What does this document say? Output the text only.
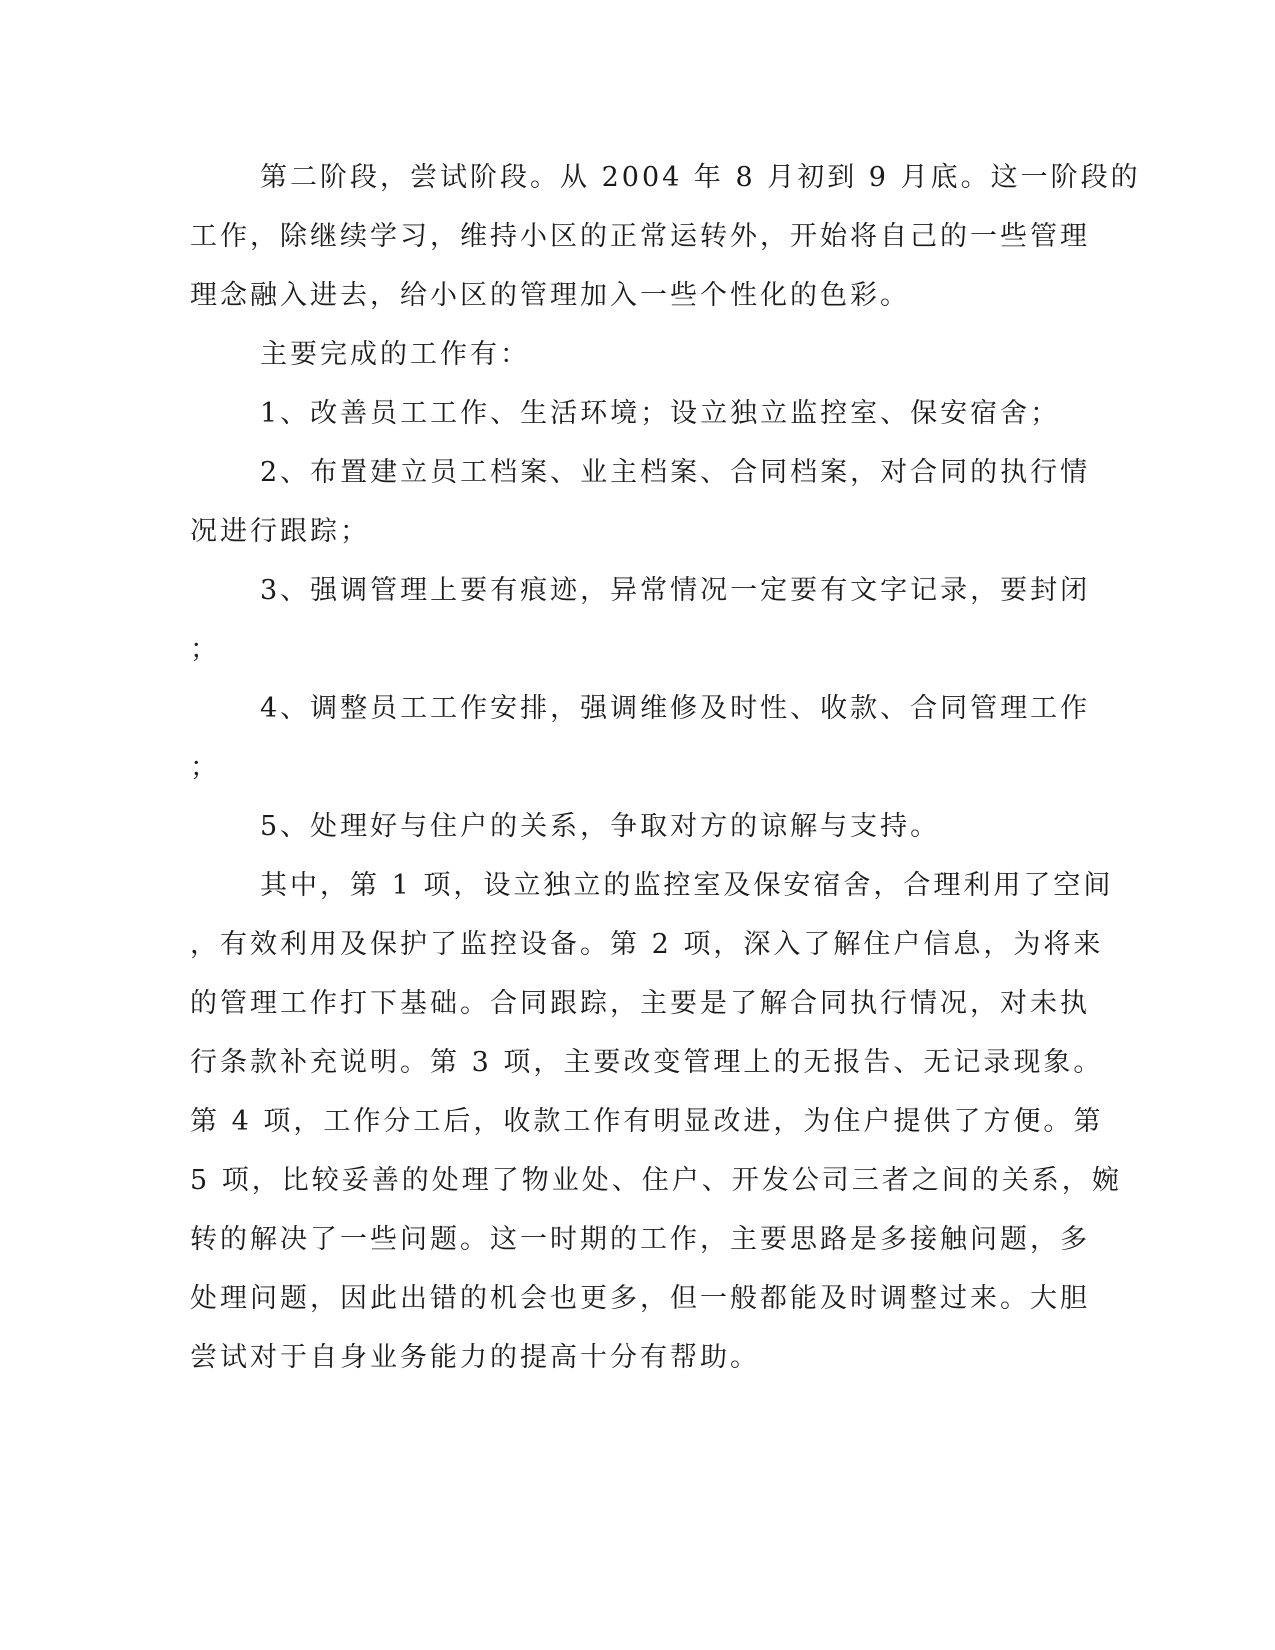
第二阶段，尝试阶段。从 2004 年 8 月初到 9 月底。这一阶段的
工作，除继续学习，维持小区的正常运转外，开始将自己的一些管理
理念融入进去，给小区的管理加入一些个性化的色彩。
主要完成的工作有：
1、改善员工工作、生活环境；设立独立监控室、保安宿舍；
2、布置建立员工档案、业主档案、合同档案，对合同的执行情
况进行跟踪；
3、强调管理上要有痕迹，异常情况一定要有文字记录，要封闭
；
4、调整员工工作安排，强调维修及时性、收款、合同管理工作
；
5、处理好与住户的关系，争取对方的谅解与支持。
其中，第 1 项，设立独立的监控室及保安宿舍，合理利用了空间
，有效利用及保护了监控设备。第 2 项，深入了解住户信息，为将来
的管理工作打下基础。合同跟踪，主要是了解合同执行情况，对未执
行条款补充说明。第 3 项，主要改变管理上的无报告、无记录现象。
第 4 项，工作分工后，收款工作有明显改进，为住户提供了方便。第
5 项，比较妥善的处理了物业处、住户、开发公司三者之间的关系，婉
转的解决了一些问题。这一时期的工作，主要思路是多接触问题，多
处理问题，因此出错的机会也更多，但一般都能及时调整过来。大胆
尝试对于自身业务能力的提高十分有帮助。
